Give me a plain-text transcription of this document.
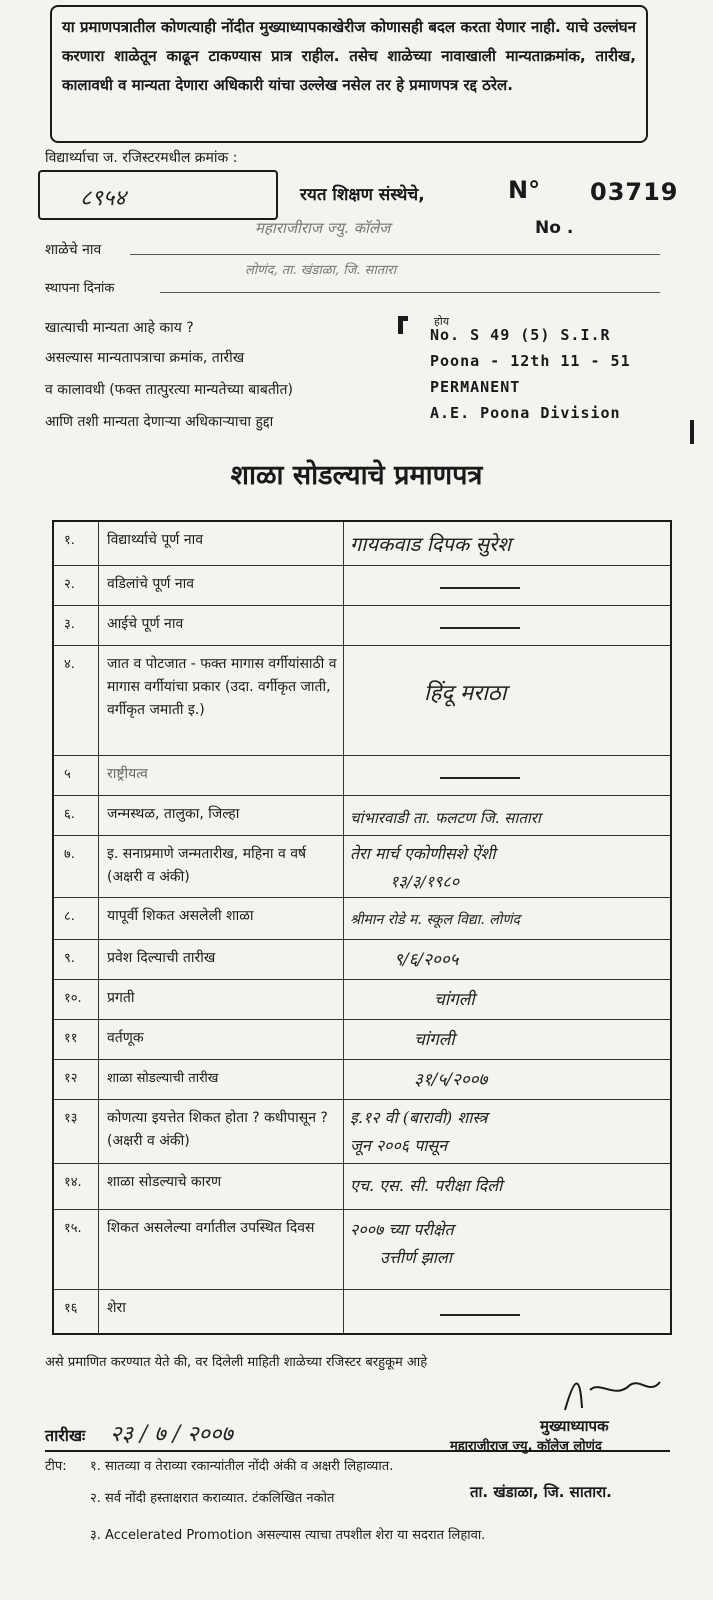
या प्रमाणपत्रातील कोणत्याही नोंदीत मुख्याध्यापकाखेरीज कोणासही बदल करता येणार नाही. याचे उल्लंघन करणारा शाळेतून काढून टाकण्यास प्रात्र राहील. तसेच शाळेच्या नावाखाली मान्यताक्रमांक, तारीख, कालावधी व मान्यता देणारा अधिकारी यांचा उल्लेख नसेल तर हे प्रमाणपत्र रद्द ठरेल.
विद्यार्थ्याचा ज. रजिस्टरमधील क्रमांक :
८९५४	रयत शिक्षण संस्थेचे,	N° 03719
महाराजीराज ज्यु. कॉलेज	No .
शाळेचे नाव
लोणंद, ता. खंडाळा, जि. सातारा
स्थापना दिनांक
खात्याची मान्यता आहे काय ?
असल्यास मान्यतापत्राचा क्रमांक, तारीख
व कालावधी (फक्त तात्पुरत्या मान्यतेच्या बाबतीत)
आणि तशी मान्यता देणाऱ्या अधिकाऱ्याचा हुद्दा
होय
No. S 49 (5) S.I.R
Poona - 12th 11 - 51
PERMANENT
A.E. Poona Division
शाळा सोडल्याचे प्रमाणपत्र
१.	विद्यार्थ्याचे पूर्ण नाव	गायकवाड दिपक सुरेश
२.	वडिलांचे पूर्ण नाव
३.	आईचे पूर्ण नाव
४.	जात व पोटजात - फक्त मागास वर्गीयांसाठी व मागास वर्गीयांचा प्रकार (उदा. वर्गीकृत जाती, वर्गीकृत जमाती इ.)
हिंदू मराठा
५	राष्ट्रीयत्व
६.	जन्मस्थळ, तालुका, जिल्हा	चांभारवाडी ता. फलटण जि. सातारा
७.	इ. सनाप्रमाणे जन्मतारीख, महिना व वर्ष (अक्षरी व अंकी)
तेरा मार्च एकोणीसशे ऐंशी
१३/३/१९८०
८.	यापूर्वी शिकत असलेली शाळा	श्रीमान रोडे म. स्कूल विद्या. लोणंद
९.	प्रवेश दिल्याची तारीख	९/६/२००५
१०.	प्रगती	चांगली
११	वर्तणूक	चांगली
१२	शाळा सोडल्याची तारीख	३१/५/२००७
१३	कोणत्या इयत्तेत शिकत होता ? कधीपासून ?(अक्षरी व अंकी)
इ.१२ वी (बारावी) शास्त्र
जून २००६ पासून
१४.	शाळा सोडल्याचे कारण	एच. एस. सी. परीक्षा दिली
१५.	शिकत असलेल्या वर्गातील उपस्थित दिवस	२००७ च्या परीक्षेत
उत्तीर्ण झाला
१६	शेरा
असे प्रमाणित करण्यात येते की, वर दिलेली माहिती शाळेच्या रजिस्टर बरहुकूम आहे
तारीखः २३ / ७ / २००७	मुख्याध्यापक
महाराजीराज ज्यु. कॉलेज लोणंद
टीप: १. सातव्या व तेराव्या रकान्यांतील नोंदी अंकी व अक्षरी लिहाव्यात.
२. सर्व नोंदी हस्ताक्षरात कराव्यात. टंकलिखित नकोत	ता. खंडाळा, जि. सातारा.
३. Accelerated Promotion असल्यास त्याचा तपशील शेरा या सदरात लिहावा.
